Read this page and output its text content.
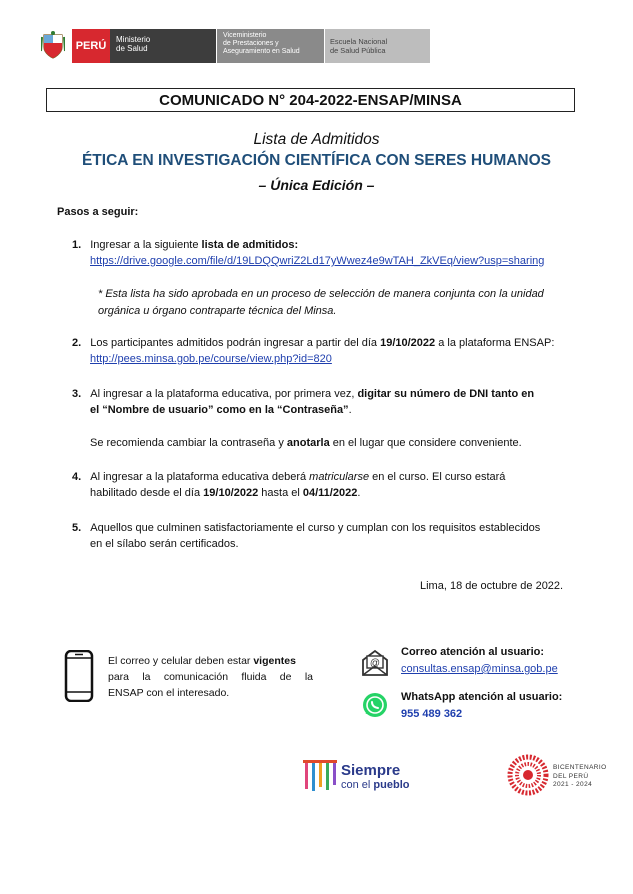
PERÚ
Ministerio
de Salud
Viceministerio
de Prestaciones y
Aseguramiento en Salud
Escuela Nacional
de Salud Pública
COMUNICADO N° 204-2022-ENSAP/MINSA
Lista de Admitidos
ÉTICA EN INVESTIGACIÓN CIENTÍFICA CON SERES HUMANOS
– Única Edición –
Pasos a seguir:
1. Ingresar a la siguiente lista de admitidos:
https://drive.google.com/file/d/19LDQQwriZ2Ld17yWwez4e9wTAH_ZkVEq/view?usp=sharing
* Esta lista ha sido aprobada en un proceso de selección de manera conjunta con la unidad
orgánica u órgano contraparte técnica del Minsa.
2. Los participantes admitidos podrán ingresar a partir del día 19/10/2022 a la plataforma ENSAP:
http://pees.minsa.gob.pe/course/view.php?id=820
3. Al ingresar a la plataforma educativa, por primera vez, digitar su número de DNI tanto en
el “Nombre de usuario” como en la “Contraseña”.
Se recomienda cambiar la contraseña y anotarla en el lugar que considere conveniente.
4. Al ingresar a la plataforma educativa deberá matricularse en el curso. El curso estará
habilitado desde el día 19/10/2022 hasta el 04/11/2022.
5. Aquellos que culminen satisfactoriamente el curso y cumplan con los requisitos establecidos
en el sílabo serán certificados.
Lima, 18 de octubre de 2022.
El correo y celular deben estar vigentes
para la comunicación fluida de la
ENSAP con el interesado.
@
Correo atención al usuario:
consultas.ensap@minsa.gob.pe
WhatsApp atención al usuario:
955 489 362
Siempre
con el pueblo
BICENTENARIO
DEL PERÚ
2021 - 2024
